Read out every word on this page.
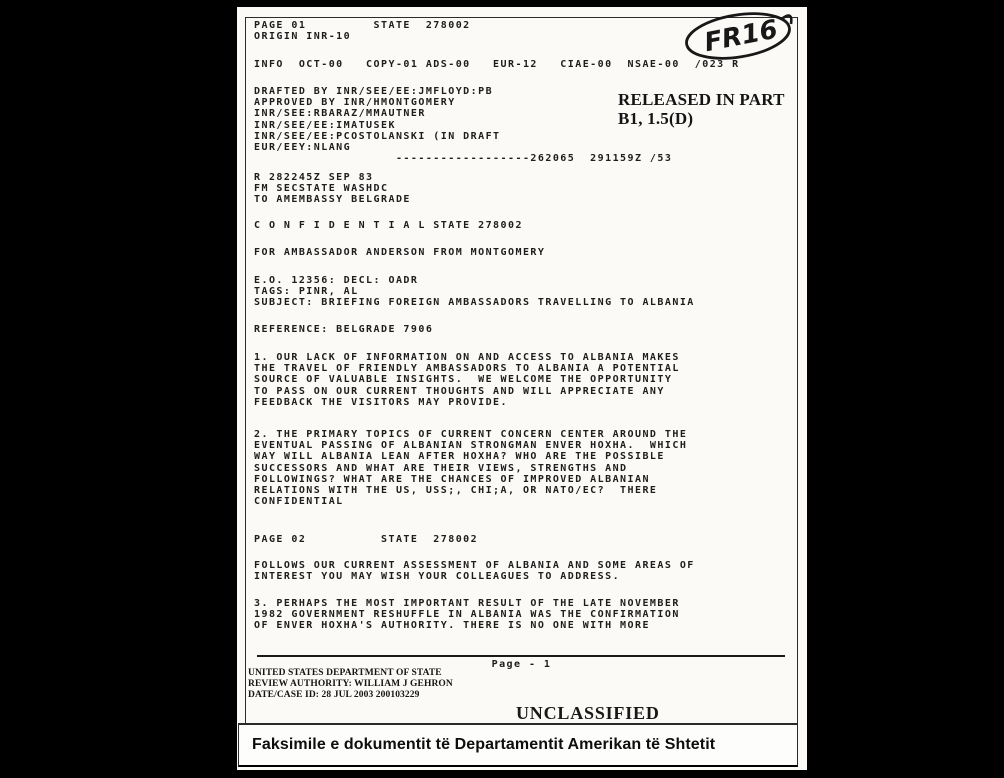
PAGE 01         STATE  278002
ORIGIN INR-10
INFO  OCT-00   COPY-01 ADS-00   EUR-12   CIAE-00  NSAE-00  /023 R
DRAFTED BY INR/SEE/EE:JMFLOYD:PB
APPROVED BY INR/HMONTGOMERY
INR/SEE:RBARAZ/MMAUTNER
INR/SEE/EE:IMATUSEK
INR/SEE/EE:PCOSTOLANSKI (IN DRAFT
EUR/EEY:NLANG
------------------262065  291159Z /53
R 282245Z SEP 83
FM SECSTATE WASHDC
TO AMEMBASSY BELGRADE
C O N F I D E N T I A L STATE 278002
FOR AMBASSADOR ANDERSON FROM MONTGOMERY
E.O. 12356: DECL: OADR
TAGS: PINR, AL
SUBJECT: BRIEFING FOREIGN AMBASSADORS TRAVELLING TO ALBANIA
REFERENCE: BELGRADE 7906
1. OUR LACK OF INFORMATION ON AND ACCESS TO ALBANIA MAKES
THE TRAVEL OF FRIENDLY AMBASSADORS TO ALBANIA A POTENTIAL
SOURCE OF VALUABLE INSIGHTS.  WE WELCOME THE OPPORTUNITY
TO PASS ON OUR CURRENT THOUGHTS AND WILL APPRECIATE ANY
FEEDBACK THE VISITORS MAY PROVIDE.
2. THE PRIMARY TOPICS OF CURRENT CONCERN CENTER AROUND THE
EVENTUAL PASSING OF ALBANIAN STRONGMAN ENVER HOXHA.  WHICH
WAY WILL ALBANIA LEAN AFTER HOXHA? WHO ARE THE POSSIBLE
SUCCESSORS AND WHAT ARE THEIR VIEWS, STRENGTHS AND
FOLLOWINGS? WHAT ARE THE CHANCES OF IMPROVED ALBANIAN
RELATIONS WITH THE US, USS;, CHI;A, OR NATO/EC?  THERE
CONFIDENTIAL
PAGE 02          STATE  278002
FOLLOWS OUR CURRENT ASSESSMENT OF ALBANIA AND SOME AREAS OF
INTEREST YOU MAY WISH YOUR COLLEAGUES TO ADDRESS.
3. PERHAPS THE MOST IMPORTANT RESULT OF THE LATE NOVEMBER
1982 GOVERNMENT RESHUFFLE IN ALBANIA WAS THE CONFIRMATION
OF ENVER HOXHA'S AUTHORITY. THERE IS NO ONE WITH MORE
Page - 1
UNITED STATES DEPARTMENT OF STATE
REVIEW AUTHORITY: WILLIAM J GEHRON
DATE/CASE ID: 28 JUL 2003 200103229
UNCLASSIFIED
RELEASED IN PART
B1, 1.5(D)
FR16
Faksimile e dokumentit të Departamentit Amerikan të Shtetit
